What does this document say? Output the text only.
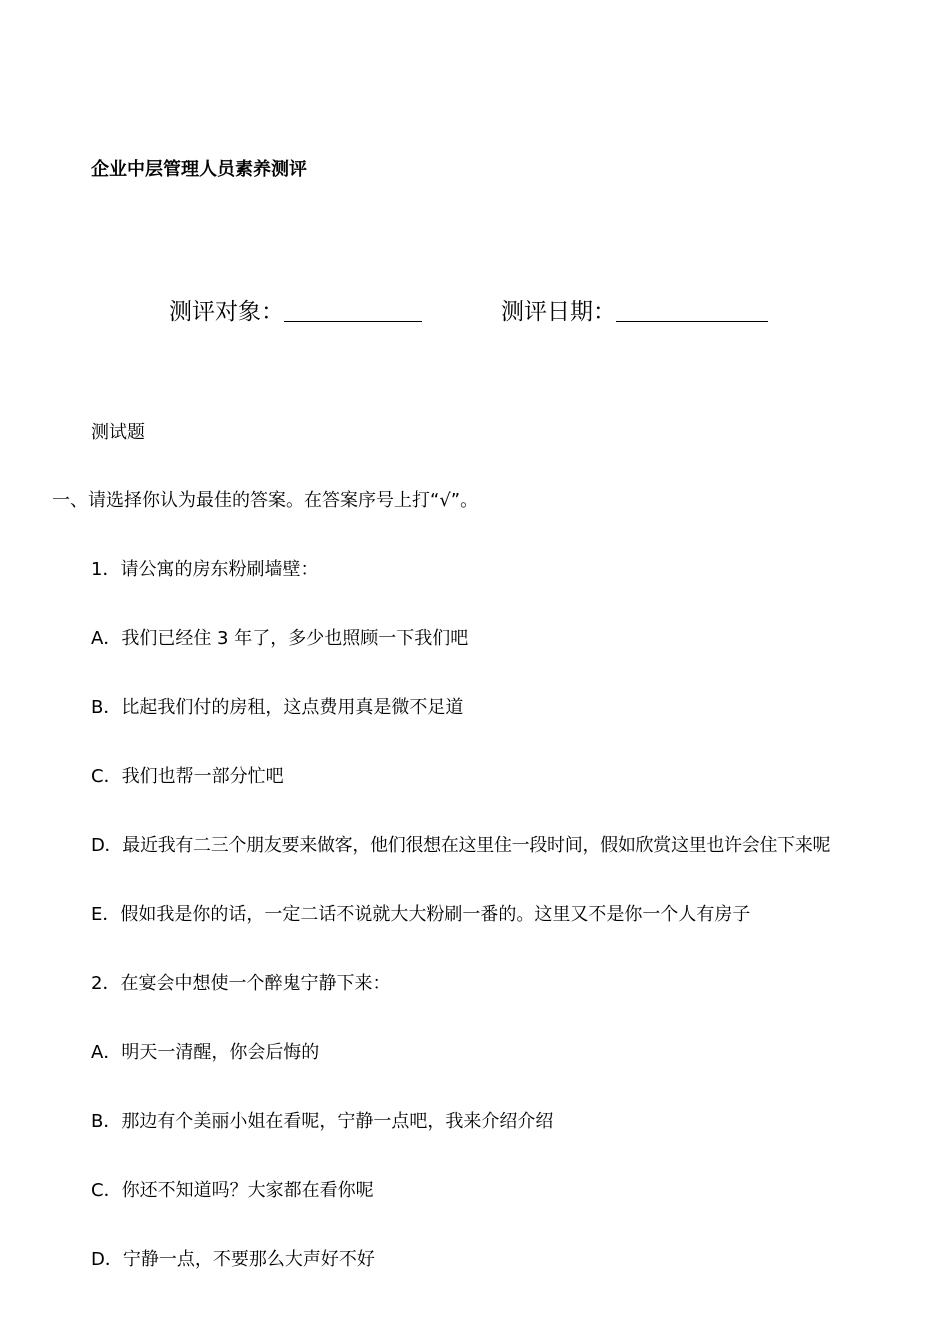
企业中层管理人员素养测评
测评对象：	测评日期：

测试题

一、请选择你认为最佳的答案。在答案序号上打“√”。

1．请公寓的房东粉刷墙壁：

A．我们已经住 3 年了，多少也照顾一下我们吧

B．比起我们付的房租，这点费用真是微不足道

C．我们也帮一部分忙吧

D．最近我有二三个朋友要来做客，他们很想在这里住一段时间，假如欣赏这里也许会住下来呢

E．假如我是你的话，一定二话不说就大大粉刷一番的。这里又不是你一个人有房子

2．在宴会中想使一个醉鬼宁静下来：

A．明天一清醒，你会后悔的

B．那边有个美丽小姐在看呢，宁静一点吧，我来介绍介绍

C．你还不知道吗？大家都在看你呢

D．宁静一点，不要那么大声好不好
